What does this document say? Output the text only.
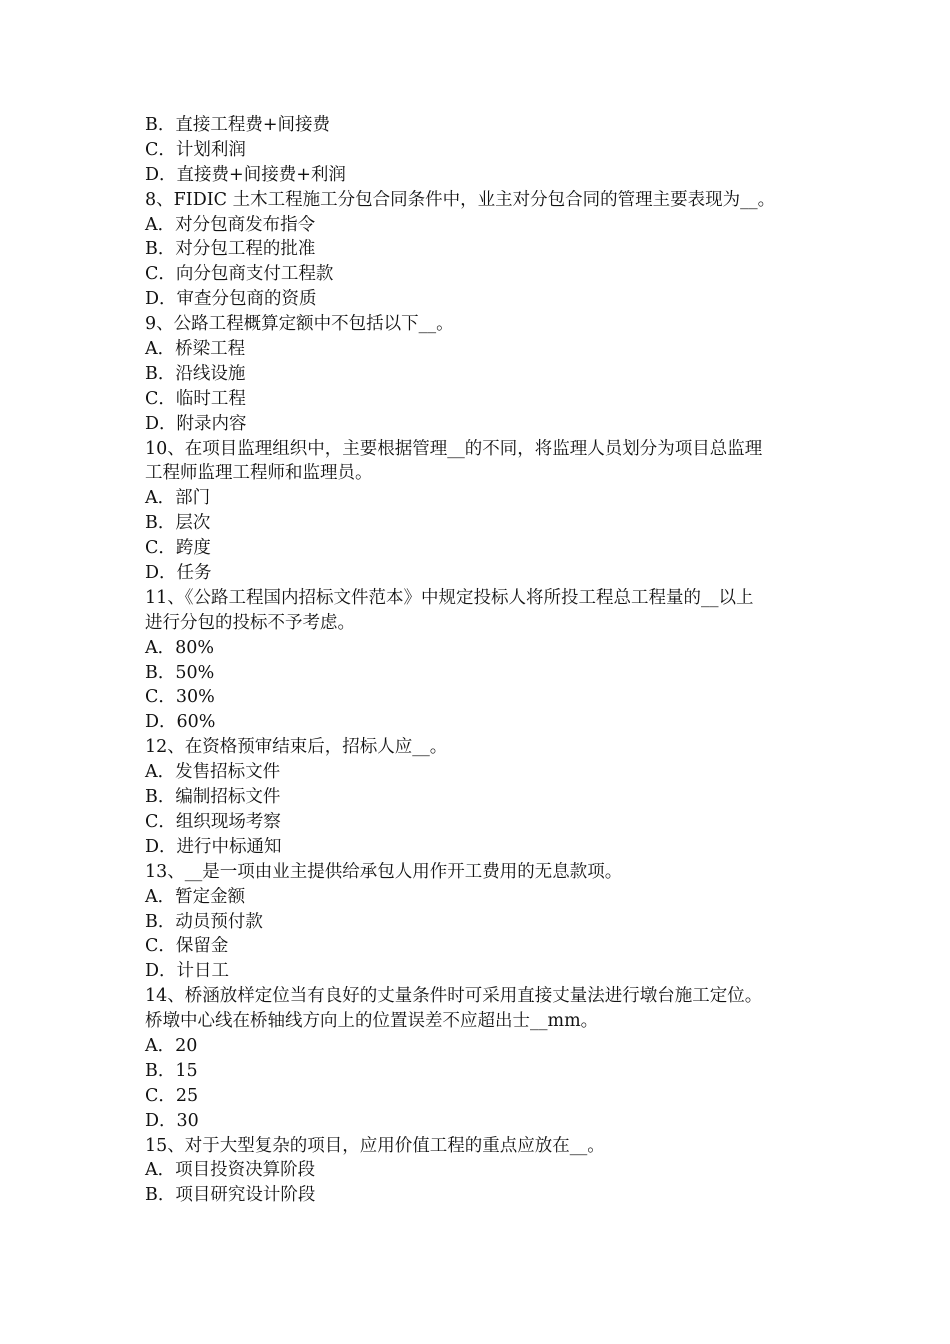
B．直接工程费+间接费
C．计划利润
D．直接费+间接费+利润
8、FIDIC 土木工程施工分包合同条件中，业主对分包合同的管理主要表现为__。
A．对分包商发布指令
B．对分包工程的批准
C．向分包商支付工程款
D．审查分包商的资质
9、公路工程概算定额中不包括以下__。
A．桥梁工程
B．沿线设施
C．临时工程
D．附录内容
10、在项目监理组织中，主要根据管理__的不同，将监理人员划分为项目总监理
工程师监理工程师和监理员。
A．部门
B．层次
C．跨度
D．任务
11、《公路工程国内招标文件范本》中规定投标人将所投工程总工程量的__以上
进行分包的投标不予考虑。
A．80%
B．50%
C．30%
D．60%
12、在资格预审结束后，招标人应__。
A．发售招标文件
B．编制招标文件
C．组织现场考察
D．进行中标通知
13、__是一项由业主提供给承包人用作开工费用的无息款项。
A．暂定金额
B．动员预付款
C．保留金
D．计日工
14、桥涵放样定位当有良好的丈量条件时可采用直接丈量法进行墩台施工定位。
桥墩中心线在桥轴线方向上的位置误差不应超出士__mm。
A．20
B．15
C．25
D．30
15、对于大型复杂的项目，应用价值工程的重点应放在__。
A．项目投资决算阶段
B．项目研究设计阶段
